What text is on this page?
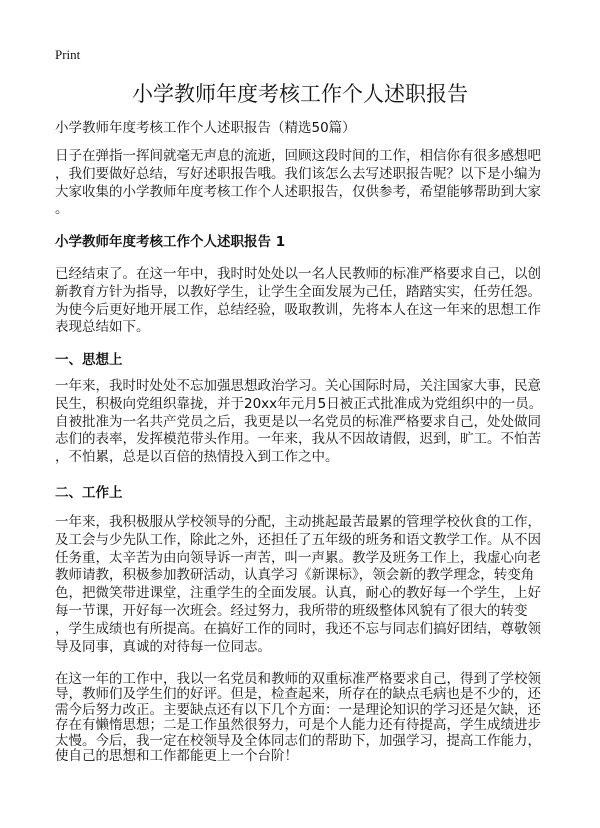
Print
小学教师年度考核工作个人述职报告
小学教师年度考核工作个人述职报告（精选50篇）
日子在弹指一挥间就毫无声息的流逝，回顾这段时间的工作，相信你有很多感想吧
，我们要做好总结，写好述职报告哦。我们该怎么去写述职报告呢？以下是小编为
大家收集的小学教师年度考核工作个人述职报告，仅供参考，希望能够帮助到大家
。
小学教师年度考核工作个人述职报告 1
已经结束了。在这一年中，我时时处处以一名人民教师的标准严格要求自己，以创
新教育方针为指导，以教好学生，让学生全面发展为己任，踏踏实实，任劳任怨。
为使今后更好地开展工作，总结经验，吸取教训，先将本人在这一年来的思想工作
表现总结如下。
一、思想上
一年来，我时时处处不忘加强思想政治学习。关心国际时局，关注国家大事，民意
民生，积极向党组织靠拢，并于20xx年元月5日被正式批准成为党组织中的一员。
自被批准为一名共产党员之后，我更是以一名党员的标准严格要求自己，处处做同
志们的表率，发挥模范带头作用。一年来，我从不因故请假，迟到，旷工。不怕苦
，不怕累，总是以百倍的热情投入到工作之中。
二、工作上
一年来，我积极服从学校领导的分配，主动挑起最苦最累的管理学校伙食的工作，
及工会与少先队工作，除此之外，还担任了五年级的班务和语文教学工作。从不因
任务重，太辛苦为由向领导诉一声苦，叫一声累。教学及班务工作上，我虚心向老
教师请教，积极参加教研活动，认真学习《新课标》，领会新的教学理念，转变角
色，把微笑带进课堂，注重学生的全面发展。认真，耐心的教好每一个学生，上好
每一节课，开好每一次班会。经过努力，我所带的班级整体风貌有了很大的转变
，学生成绩也有所提高。在搞好工作的同时，我还不忘与同志们搞好团结，尊敬领
导及同事，真诚的对待每一位同志。
在这一年的工作中，我以一名党员和教师的双重标准严格要求自己，得到了学校领
导，教师们及学生们的好评。但是，检查起来，所存在的缺点毛病也是不少的，还
需今后努力改正。主要缺点还有以下几个方面：一是理论知识的学习还是欠缺，还
存在有懒惰思想；二是工作虽然很努力，可是个人能力还有待提高，学生成绩进步
太慢。今后，我一定在校领导及全体同志们的帮助下，加强学习，提高工作能力，
使自己的思想和工作都能更上一个台阶！
